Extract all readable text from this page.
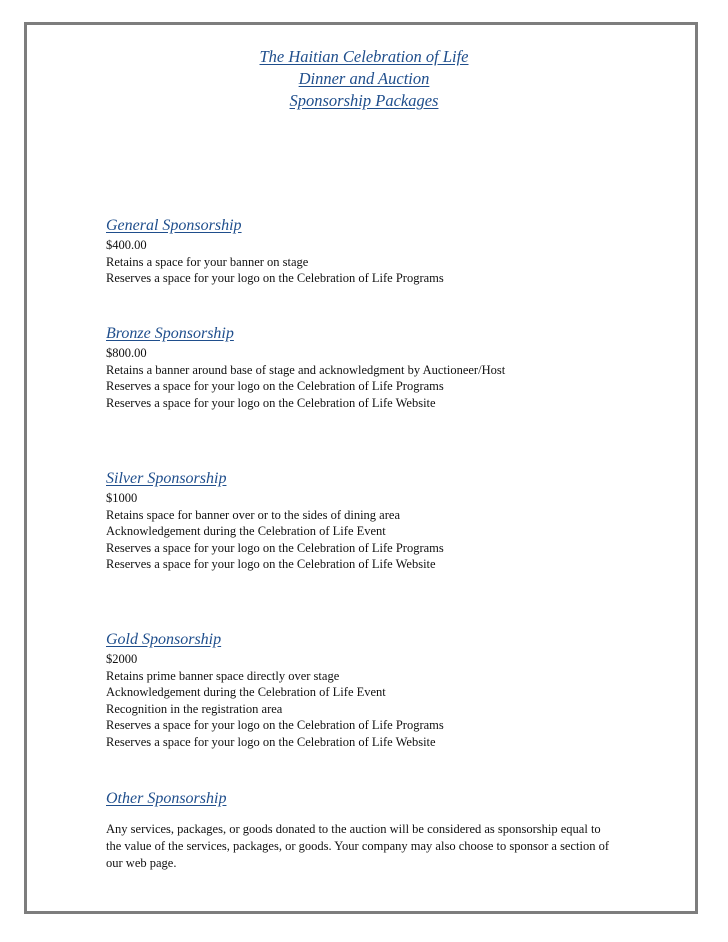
The Haitian Celebration of Life
Dinner and Auction
Sponsorship Packages
General Sponsorship
$400.00
Retains a space for your banner on stage
Reserves a space for your logo on the Celebration of Life Programs
Bronze Sponsorship
$800.00
Retains a banner around base of stage and acknowledgment by Auctioneer/Host
Reserves a space for your logo on the Celebration of Life Programs
Reserves a space for your logo on the Celebration of Life Website
Silver Sponsorship
$1000
Retains space for banner over or to the sides of dining area
Acknowledgement during the Celebration of Life Event
Reserves a space for your logo on the Celebration of Life Programs
Reserves a space for your logo on the Celebration of Life Website
Gold Sponsorship
$2000
Retains prime banner space directly over stage
Acknowledgement during the Celebration of Life Event
Recognition in the registration area
Reserves a space for your logo on the Celebration of Life Programs
Reserves a space for your logo on the Celebration of Life Website
Other Sponsorship
Any services, packages, or goods donated to the auction will be considered as sponsorship equal to the value of the services, packages, or goods. Your company may also choose to sponsor a section of our web page.
